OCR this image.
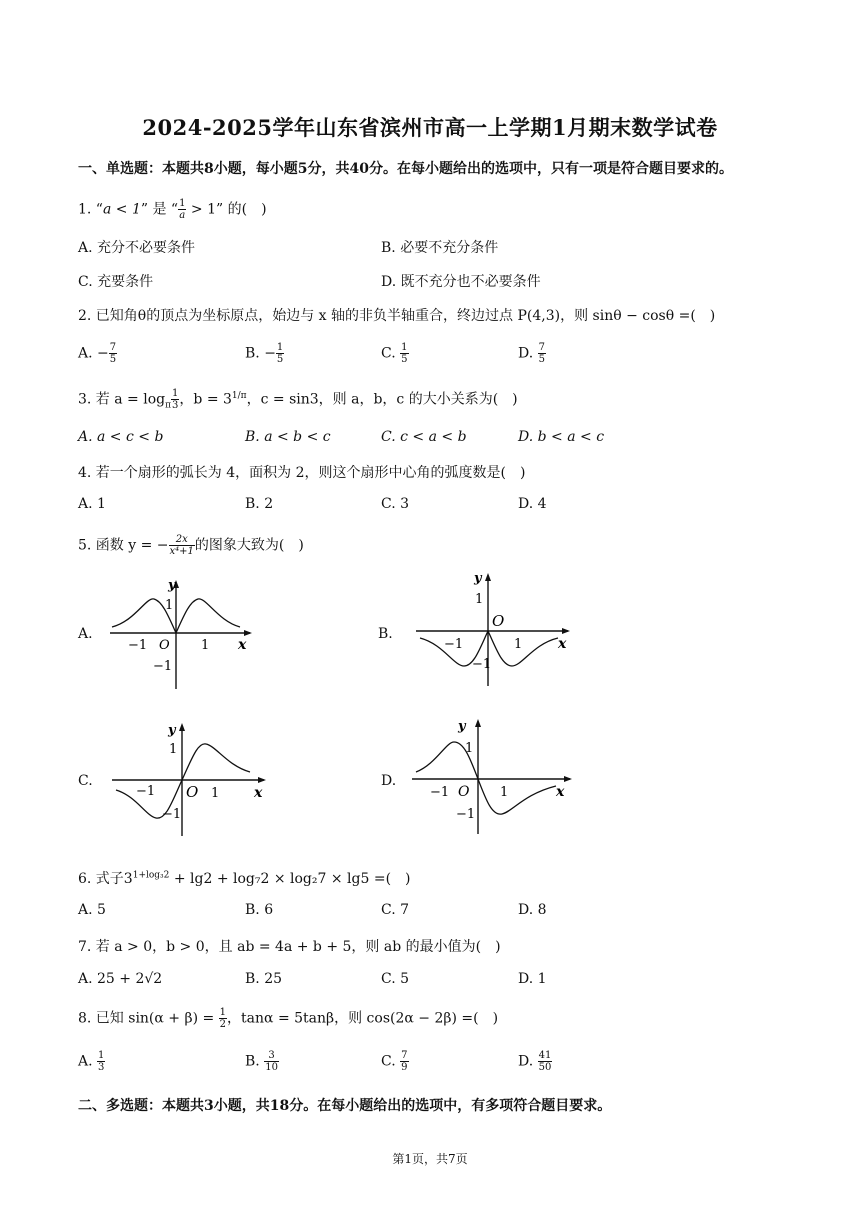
2024-2025学年山东省滨州市高一上学期1月期末数学试卷
一、单选题：本题共8小题，每小题5分，共40分。在每小题给出的选项中，只有一项是符合题目要求的。
1. “a < 1” 是 “ $\frac{1}{a} > 1$” 的(　)
A. 充分不必要条件	B. 必要不充分条件
C. 充要条件	D. 既不充分也不必要条件
2. 已知角θ的顶点为坐标原点，始边与 x 轴的非负半轴重合，终边过点 P(4,3)，则 sinθ − cosθ =(　)
A. − $\frac{7}{5}$	B. − $\frac{1}{5}$	C. $\frac{1}{5}$	D. $\frac{7}{5}$
3. 若 $a = \log_\pi \frac{1}{3}$ ，$b = 3^{1/\pi}$，c = sin3，则 a，b，c 的大小关系为(　)
A. a < c < b	B. a < b < c	C. c < a < b	D. b < a < c
4. 若一个扇形的弧长为 4，面积为 2，则这个扇形中心角的弧度数是(　)
A. 1	B. 2	C. 3	D. 4
5. 函数 y = − $\frac{2x}{\text{x⁴+1}}$ 的图象大致为(　)
A.	B.
C.	D.
y
1
−1 O 1 x
−1
y
1
O
−1	1	x
−1
y
1
−1 O 1 x
−1
y
1
−1 O 1	x
−1
6. 式子$3^{1+log_32} + \lg 2 + \log_72 \times \log_27 \times \lg 5$ =(　)
A. 5	B. 6	C. 7	D. 8
7. 若 a > 0，b > 0，且 ab = 4a + b + 5，则 ab 的最小值为(　)
A. 25 + 2√2	B. 25	C. 5	D. 1
8. 已知 $\sin(\alpha + \beta) = \frac{1}{2}$ ，tanα = 5tanβ，则 cos(2α − 2β) =(　)
A. $\frac{1}{3}$	B. $\frac{3}{10}$	C. $\frac{7}{9}$	D. $\frac{41}{50}$
二、多选题：本题共3小题，共18分。在每小题给出的选项中，有多项符合题目要求。
第1页，共7页
